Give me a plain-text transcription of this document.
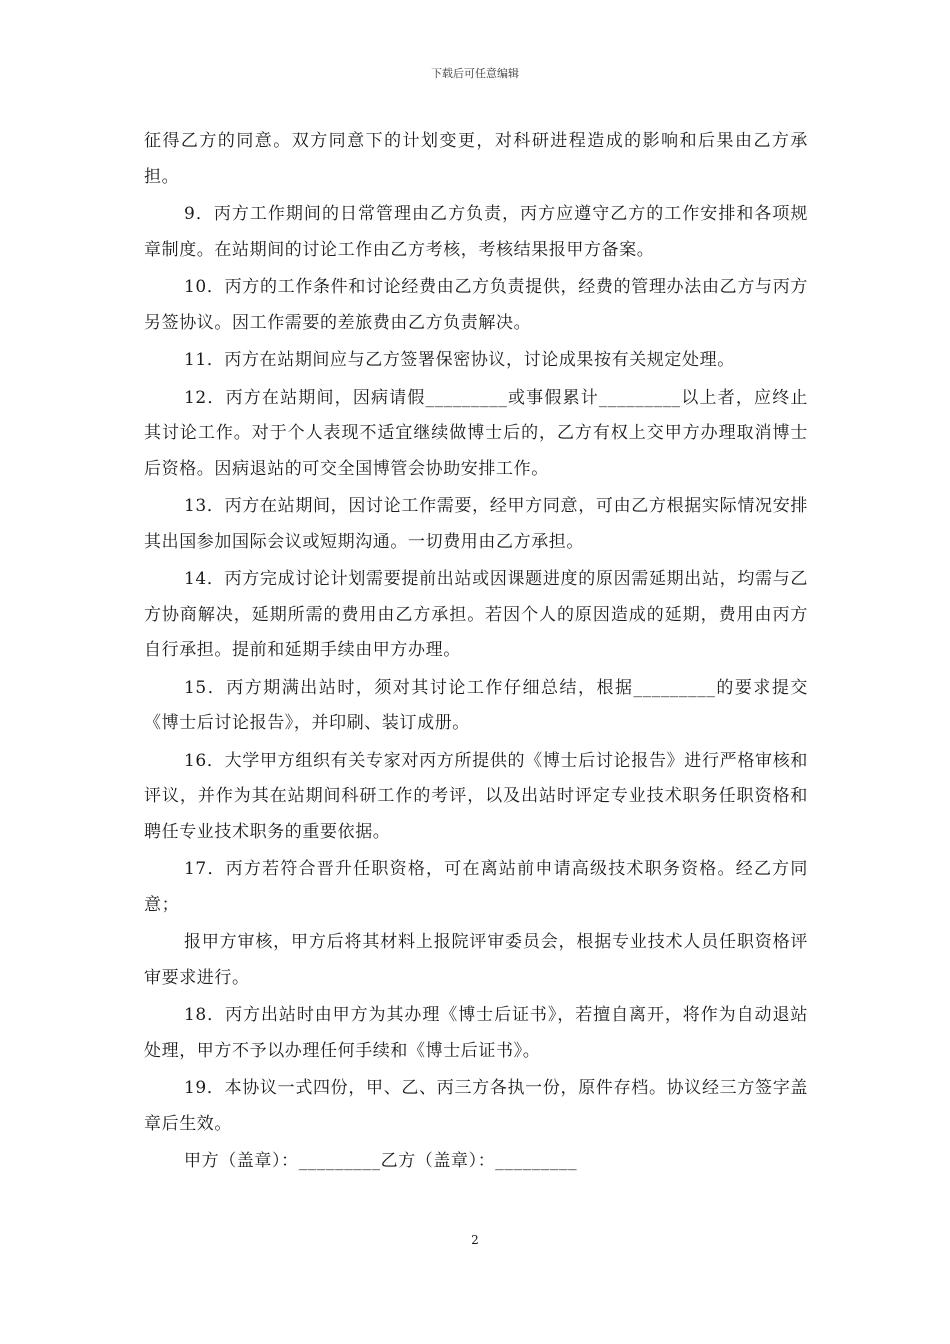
下载后可任意编辑

征得乙方的同意。双方同意下的计划变更，对科研进程造成的影响和后果由乙方承担。

9．丙方工作期间的日常管理由乙方负责，丙方应遵守乙方的工作安排和各项规章制度。在站期间的讨论工作由乙方考核，考核结果报甲方备案。

10．丙方的工作条件和讨论经费由乙方负责提供，经费的管理办法由乙方与丙方另签协议。因工作需要的差旅费由乙方负责解决。

11．丙方在站期间应与乙方签署保密协议，讨论成果按有关规定处理。

12．丙方在站期间，因病请假_________或事假累计_________以上者，应终止其讨论工作。对于个人表现不适宜继续做博士后的，乙方有权上交甲方办理取消博士后资格。因病退站的可交全国博管会协助安排工作。

13．丙方在站期间，因讨论工作需要，经甲方同意，可由乙方根据实际情况安排其出国参加国际会议或短期沟通。一切费用由乙方承担。

14．丙方完成讨论计划需要提前出站或因课题进度的原因需延期出站，均需与乙方协商解决，延期所需的费用由乙方承担。若因个人的原因造成的延期，费用由丙方自行承担。提前和延期手续由甲方办理。

15．丙方期满出站时，须对其讨论工作仔细总结，根据_________的要求提交《博士后讨论报告》，并印刷、装订成册。

16．大学甲方组织有关专家对丙方所提供的《博士后讨论报告》进行严格审核和评议，并作为其在站期间科研工作的考评，以及出站时评定专业技术职务任职资格和聘任专业技术职务的重要依据。

17．丙方若符合晋升任职资格，可在离站前申请高级技术职务资格。经乙方同意；

报甲方审核，甲方后将其材料上报院评审委员会，根据专业技术人员任职资格评审要求进行。

18．丙方出站时由甲方为其办理《博士后证书》，若擅自离开，将作为自动退站处理，甲方不予以办理任何手续和《博士后证书》。

19．本协议一式四份，甲、乙、丙三方各执一份，原件存档。协议经三方签字盖章后生效。

甲方（盖章）：_________乙方（盖章）：_________

2
